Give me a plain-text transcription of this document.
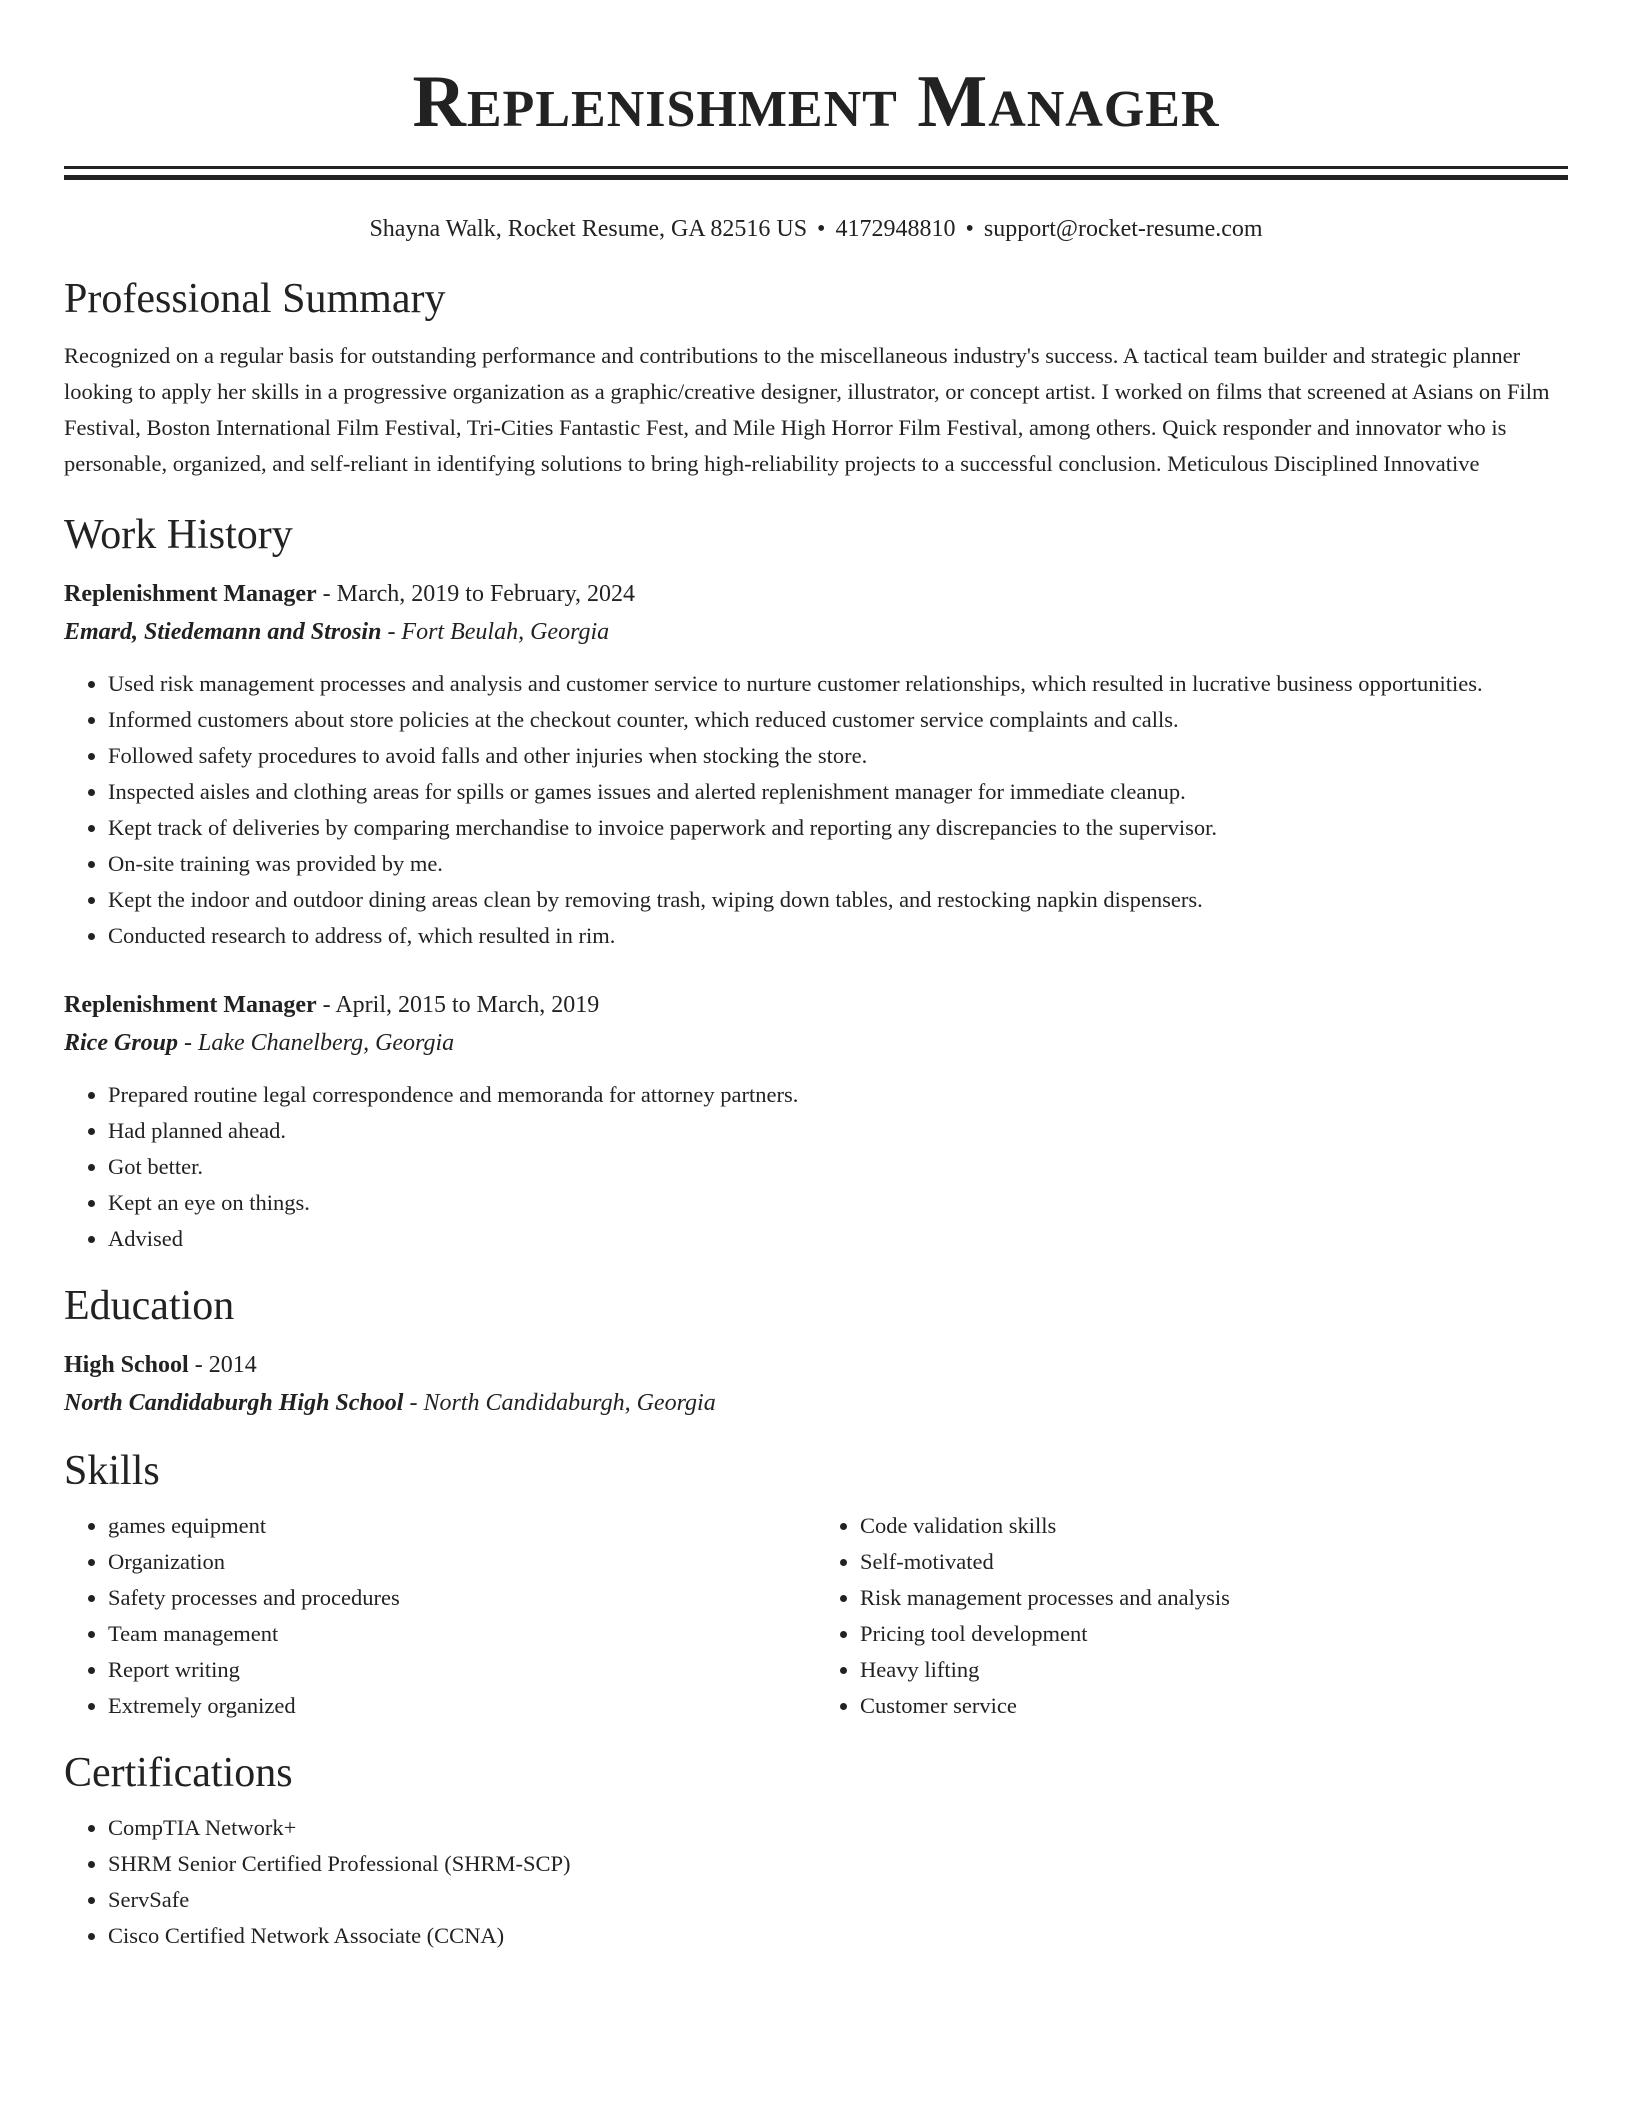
Replenishment Manager
Shayna Walk, Rocket Resume, GA 82516 US • 4172948810 • support@rocket-resume.com
Professional Summary

Recognized on a regular basis for outstanding performance and contributions to the miscellaneous industry's success. A tactical team builder and strategic planner looking to apply her skills in a progressive organization as a graphic/creative designer, illustrator, or concept artist. I worked on films that screened at Asians on Film Festival, Boston International Film Festival, Tri-Cities Fantastic Fest, and Mile High Horror Film Festival, among others. Quick responder and innovator who is personable, organized, and self-reliant in identifying solutions to bring high-reliability projects to a successful conclusion. Meticulous Disciplined Innovative

Work History
Replenishment Manager - March, 2019 to February, 2024
Emard, Stiedemann and Strosin - Fort Beulah, Georgia
• Used risk management processes and analysis and customer service to nurture customer relationships, which resulted in lucrative business opportunities.
• Informed customers about store policies at the checkout counter, which reduced customer service complaints and calls.
• Followed safety procedures to avoid falls and other injuries when stocking the store.
• Inspected aisles and clothing areas for spills or games issues and alerted replenishment manager for immediate cleanup.
• Kept track of deliveries by comparing merchandise to invoice paperwork and reporting any discrepancies to the supervisor.
• On-site training was provided by me.
• Kept the indoor and outdoor dining areas clean by removing trash, wiping down tables, and restocking napkin dispensers.
• Conducted research to address of, which resulted in rim.
Replenishment Manager - April, 2015 to March, 2019
Rice Group - Lake Chanelberg, Georgia
• Prepared routine legal correspondence and memoranda for attorney partners.
• Had planned ahead.
• Got better.
• Kept an eye on things.
• Advised
Education
High School - 2014
North Candidaburgh High School - North Candidaburgh, Georgia
Skills
• games equipment
• Organization
• Safety processes and procedures
• Team management
• Report writing
• Extremely organized
• Code validation skills
• Self-motivated
• Risk management processes and analysis
• Pricing tool development
• Heavy lifting
• Customer service
Certifications
• CompTIA Network+
• SHRM Senior Certified Professional (SHRM-SCP)
• ServSafe
• Cisco Certified Network Associate (CCNA)
